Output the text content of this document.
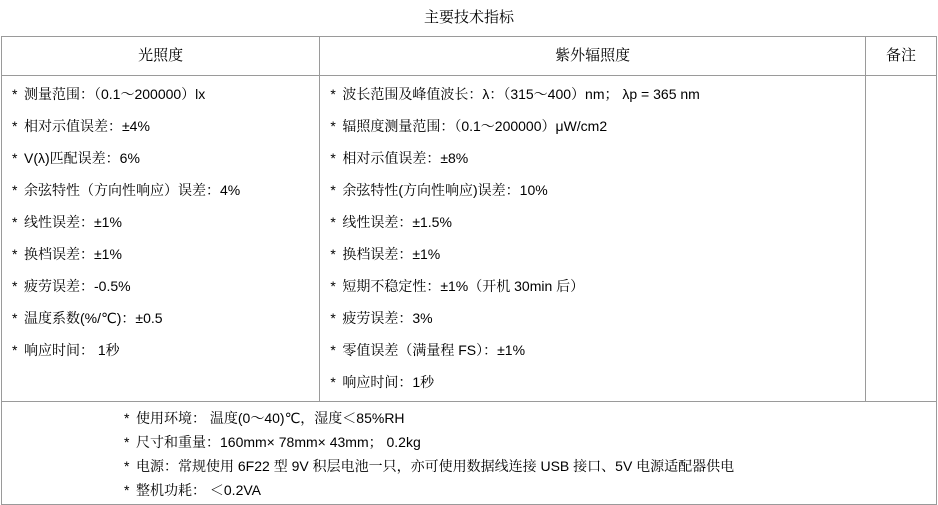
主要技术指标
光照度	紫外辐照度	备注

* 测量范围：（0.1～200000）lx
* 相对示值误差：±4%
* V(λ)匹配误差：6%
* 余弦特性（方向性响应）误差：4%
* 线性误差：±1%
* 换档误差：±1%
* 疲劳误差：-0.5%
* 温度系数(%/℃)：±0.5
* 响应时间： 1秒

* 波长范围及峰值波长：λ：（315～400）nm； λp = 365 nm
* 辐照度测量范围：（0.1～200000）μW/cm2
* 相对示值误差：±8%
* 余弦特性(方向性响应)误差：10%
* 线性误差：±1.5%
* 换档误差：±1%
* 短期不稳定性：±1%（开机 30min 后）
* 疲劳误差：3%
* 零值误差（满量程 FS）：±1%
* 响应时间：1秒

* 使用环境： 温度(0～40)℃，湿度＜85%RH
* 尺寸和重量：160mm× 78mm× 43mm； 0.2kg
* 电源：常规使用 6F22 型 9V 积层电池一只，亦可使用数据线连接 USB 接口、5V 电源适配器供电
* 整机功耗： ＜0.2VA
